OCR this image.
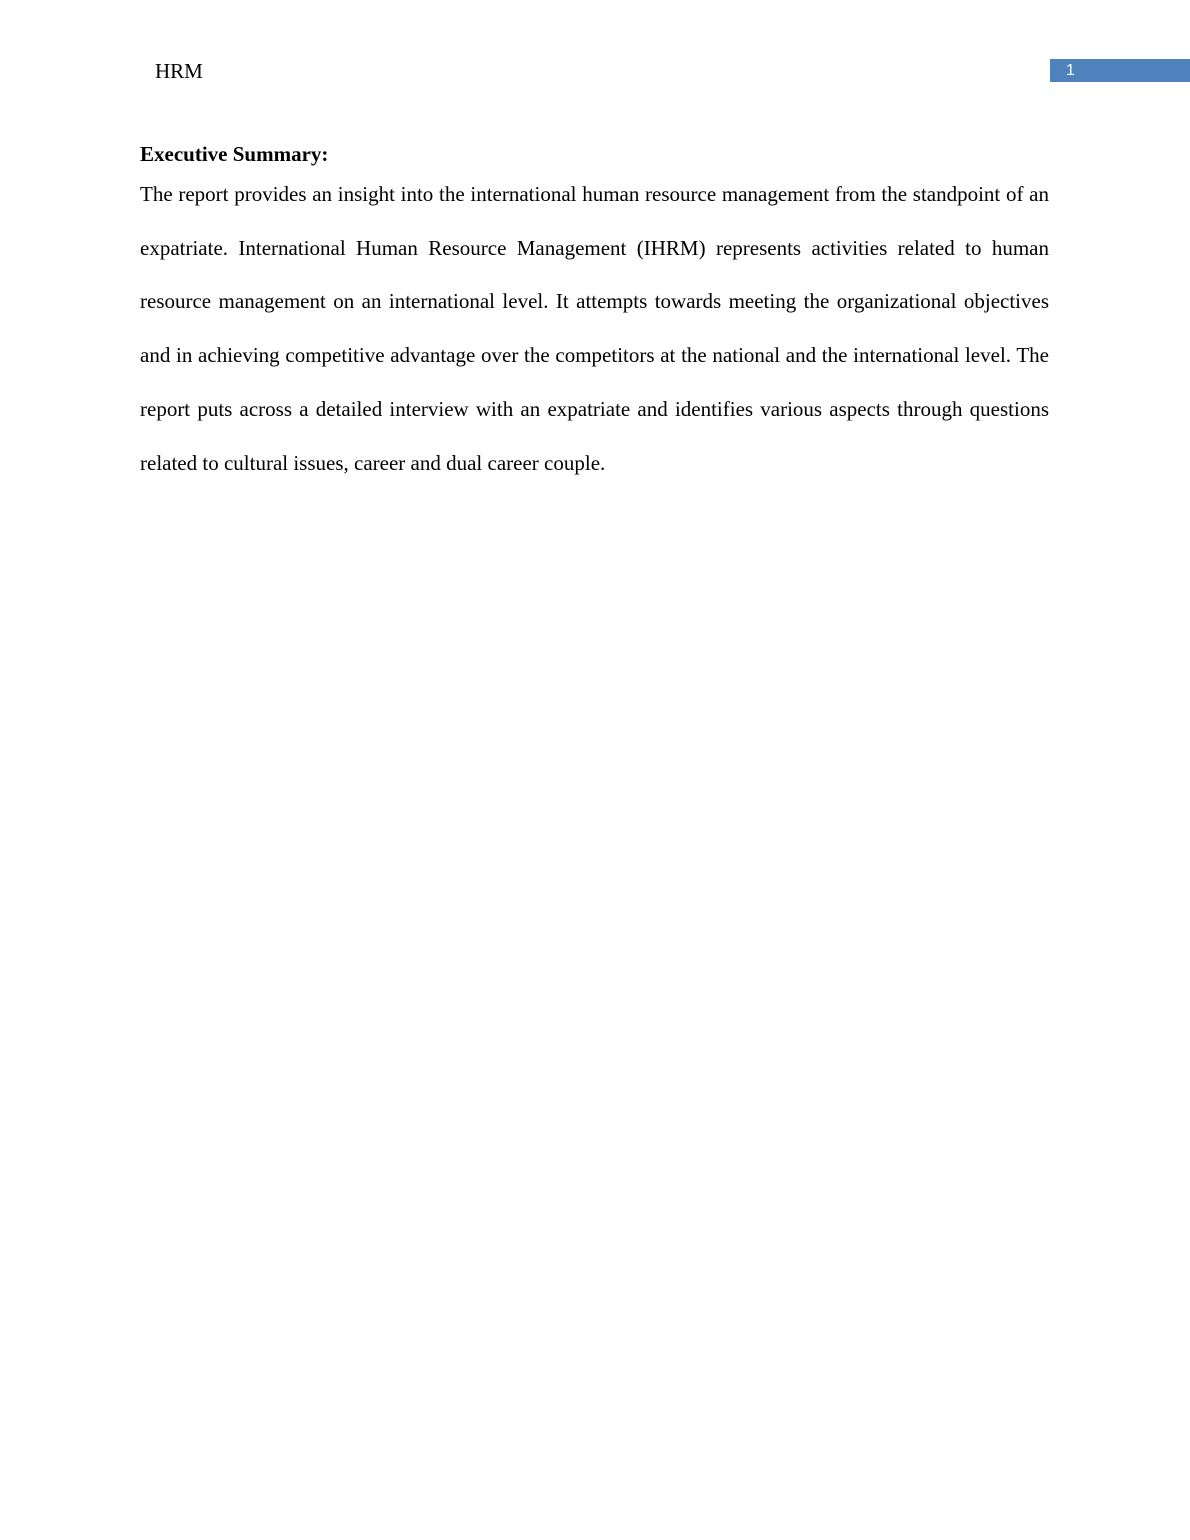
HRM	1
Executive Summary:

The report provides an insight into the international human resource management from the standpoint of an expatriate. International Human Resource Management (IHRM) represents activities related to human resource management on an international level. It attempts towards meeting the organizational objectives and in achieving competitive advantage over the competitors at the national and the international level. The report puts across a detailed interview with an expatriate and identifies various aspects through questions related to cultural issues, career and dual career couple.
